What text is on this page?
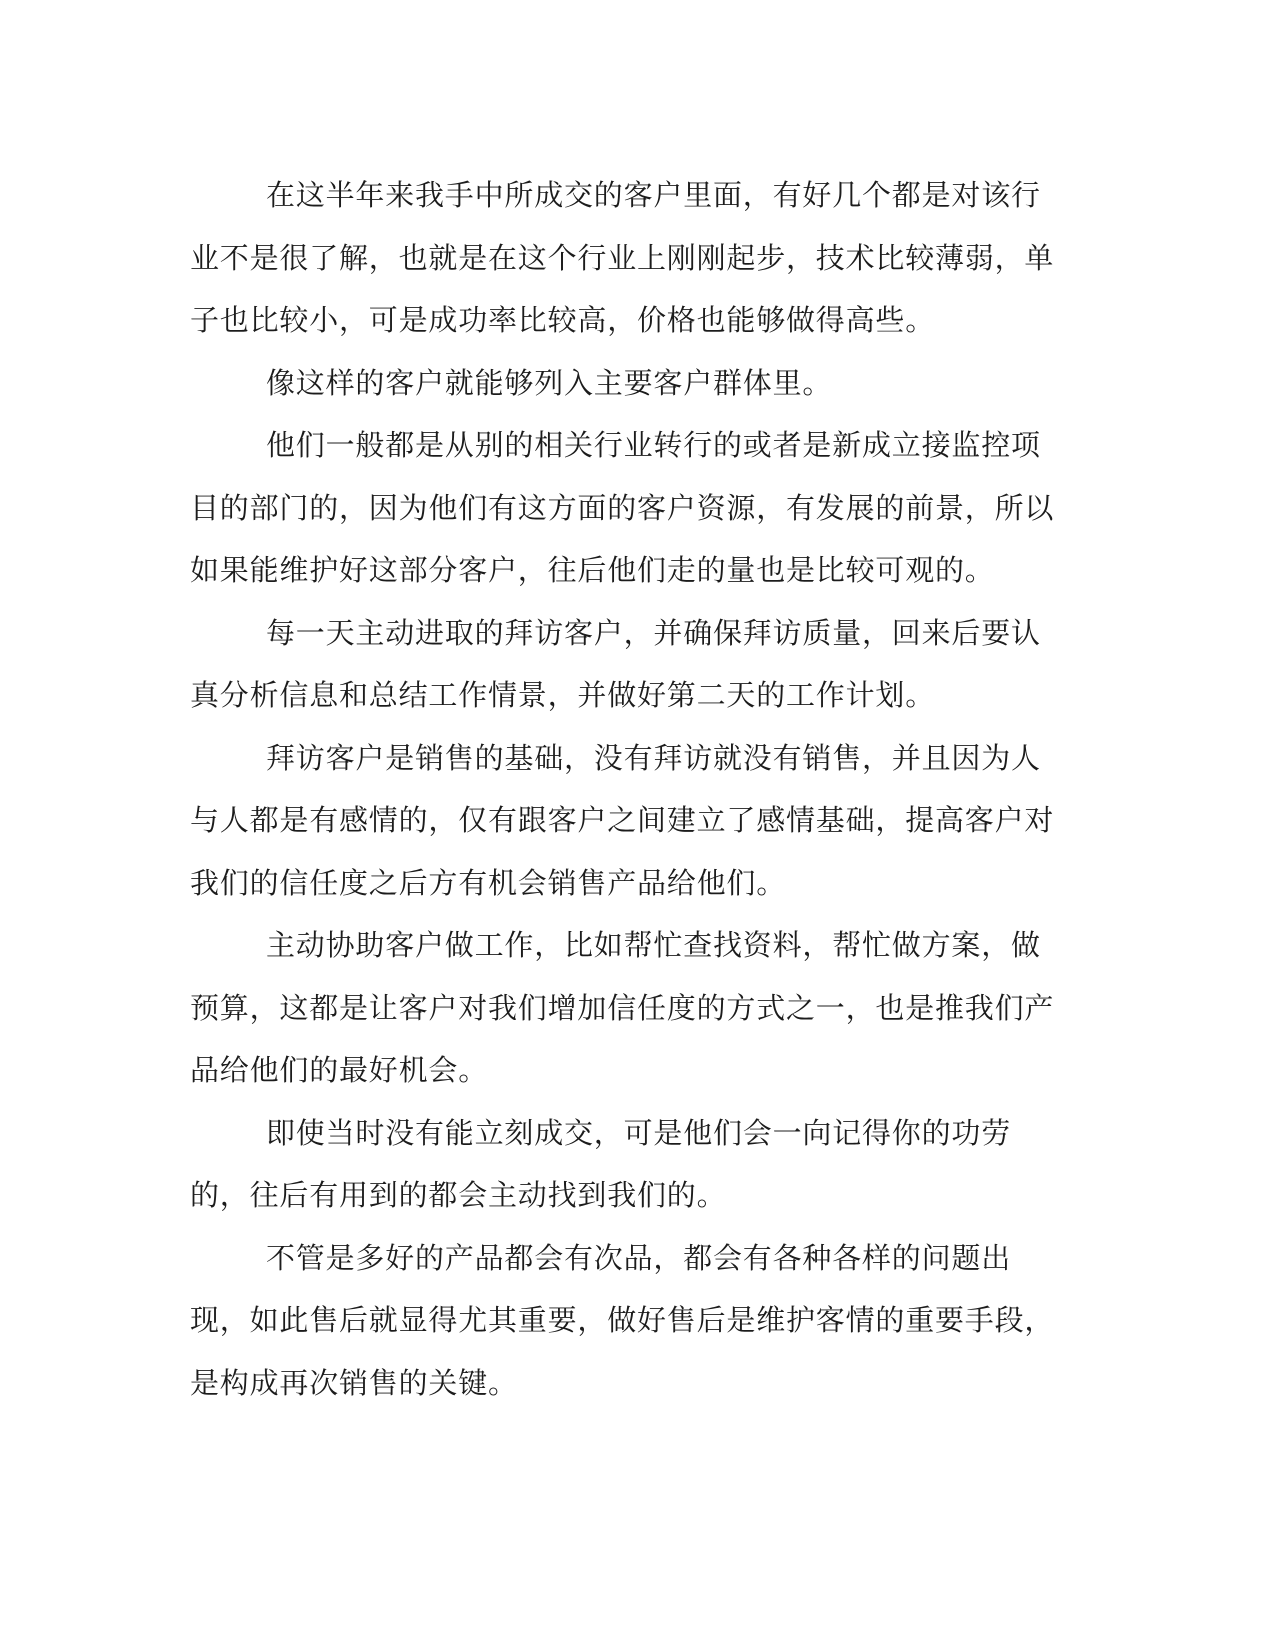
在这半年来我手中所成交的客户里面，有好几个都是对该行业不是很了解，也就是在这个行业上刚刚起步，技术比较薄弱，单子也比较小，可是成功率比较高，价格也能够做得高些。

像这样的客户就能够列入主要客户群体里。

他们一般都是从别的相关行业转行的或者是新成立接监控项目的部门的，因为他们有这方面的客户资源，有发展的前景，所以如果能维护好这部分客户，往后他们走的量也是比较可观的。

每一天主动进取的拜访客户，并确保拜访质量，回来后要认真分析信息和总结工作情景，并做好第二天的工作计划。

拜访客户是销售的基础，没有拜访就没有销售，并且因为人与人都是有感情的，仅有跟客户之间建立了感情基础，提高客户对我们的信任度之后方有机会销售产品给他们。

主动协助客户做工作，比如帮忙查找资料，帮忙做方案，做预算，这都是让客户对我们增加信任度的方式之一，也是推我们产品给他们的最好机会。

即使当时没有能立刻成交，可是他们会一向记得你的功劳的，往后有用到的都会主动找到我们的。

不管是多好的产品都会有次品，都会有各种各样的问题出现，如此售后就显得尤其重要，做好售后是维护客情的重要手段，是构成再次销售的关键。
